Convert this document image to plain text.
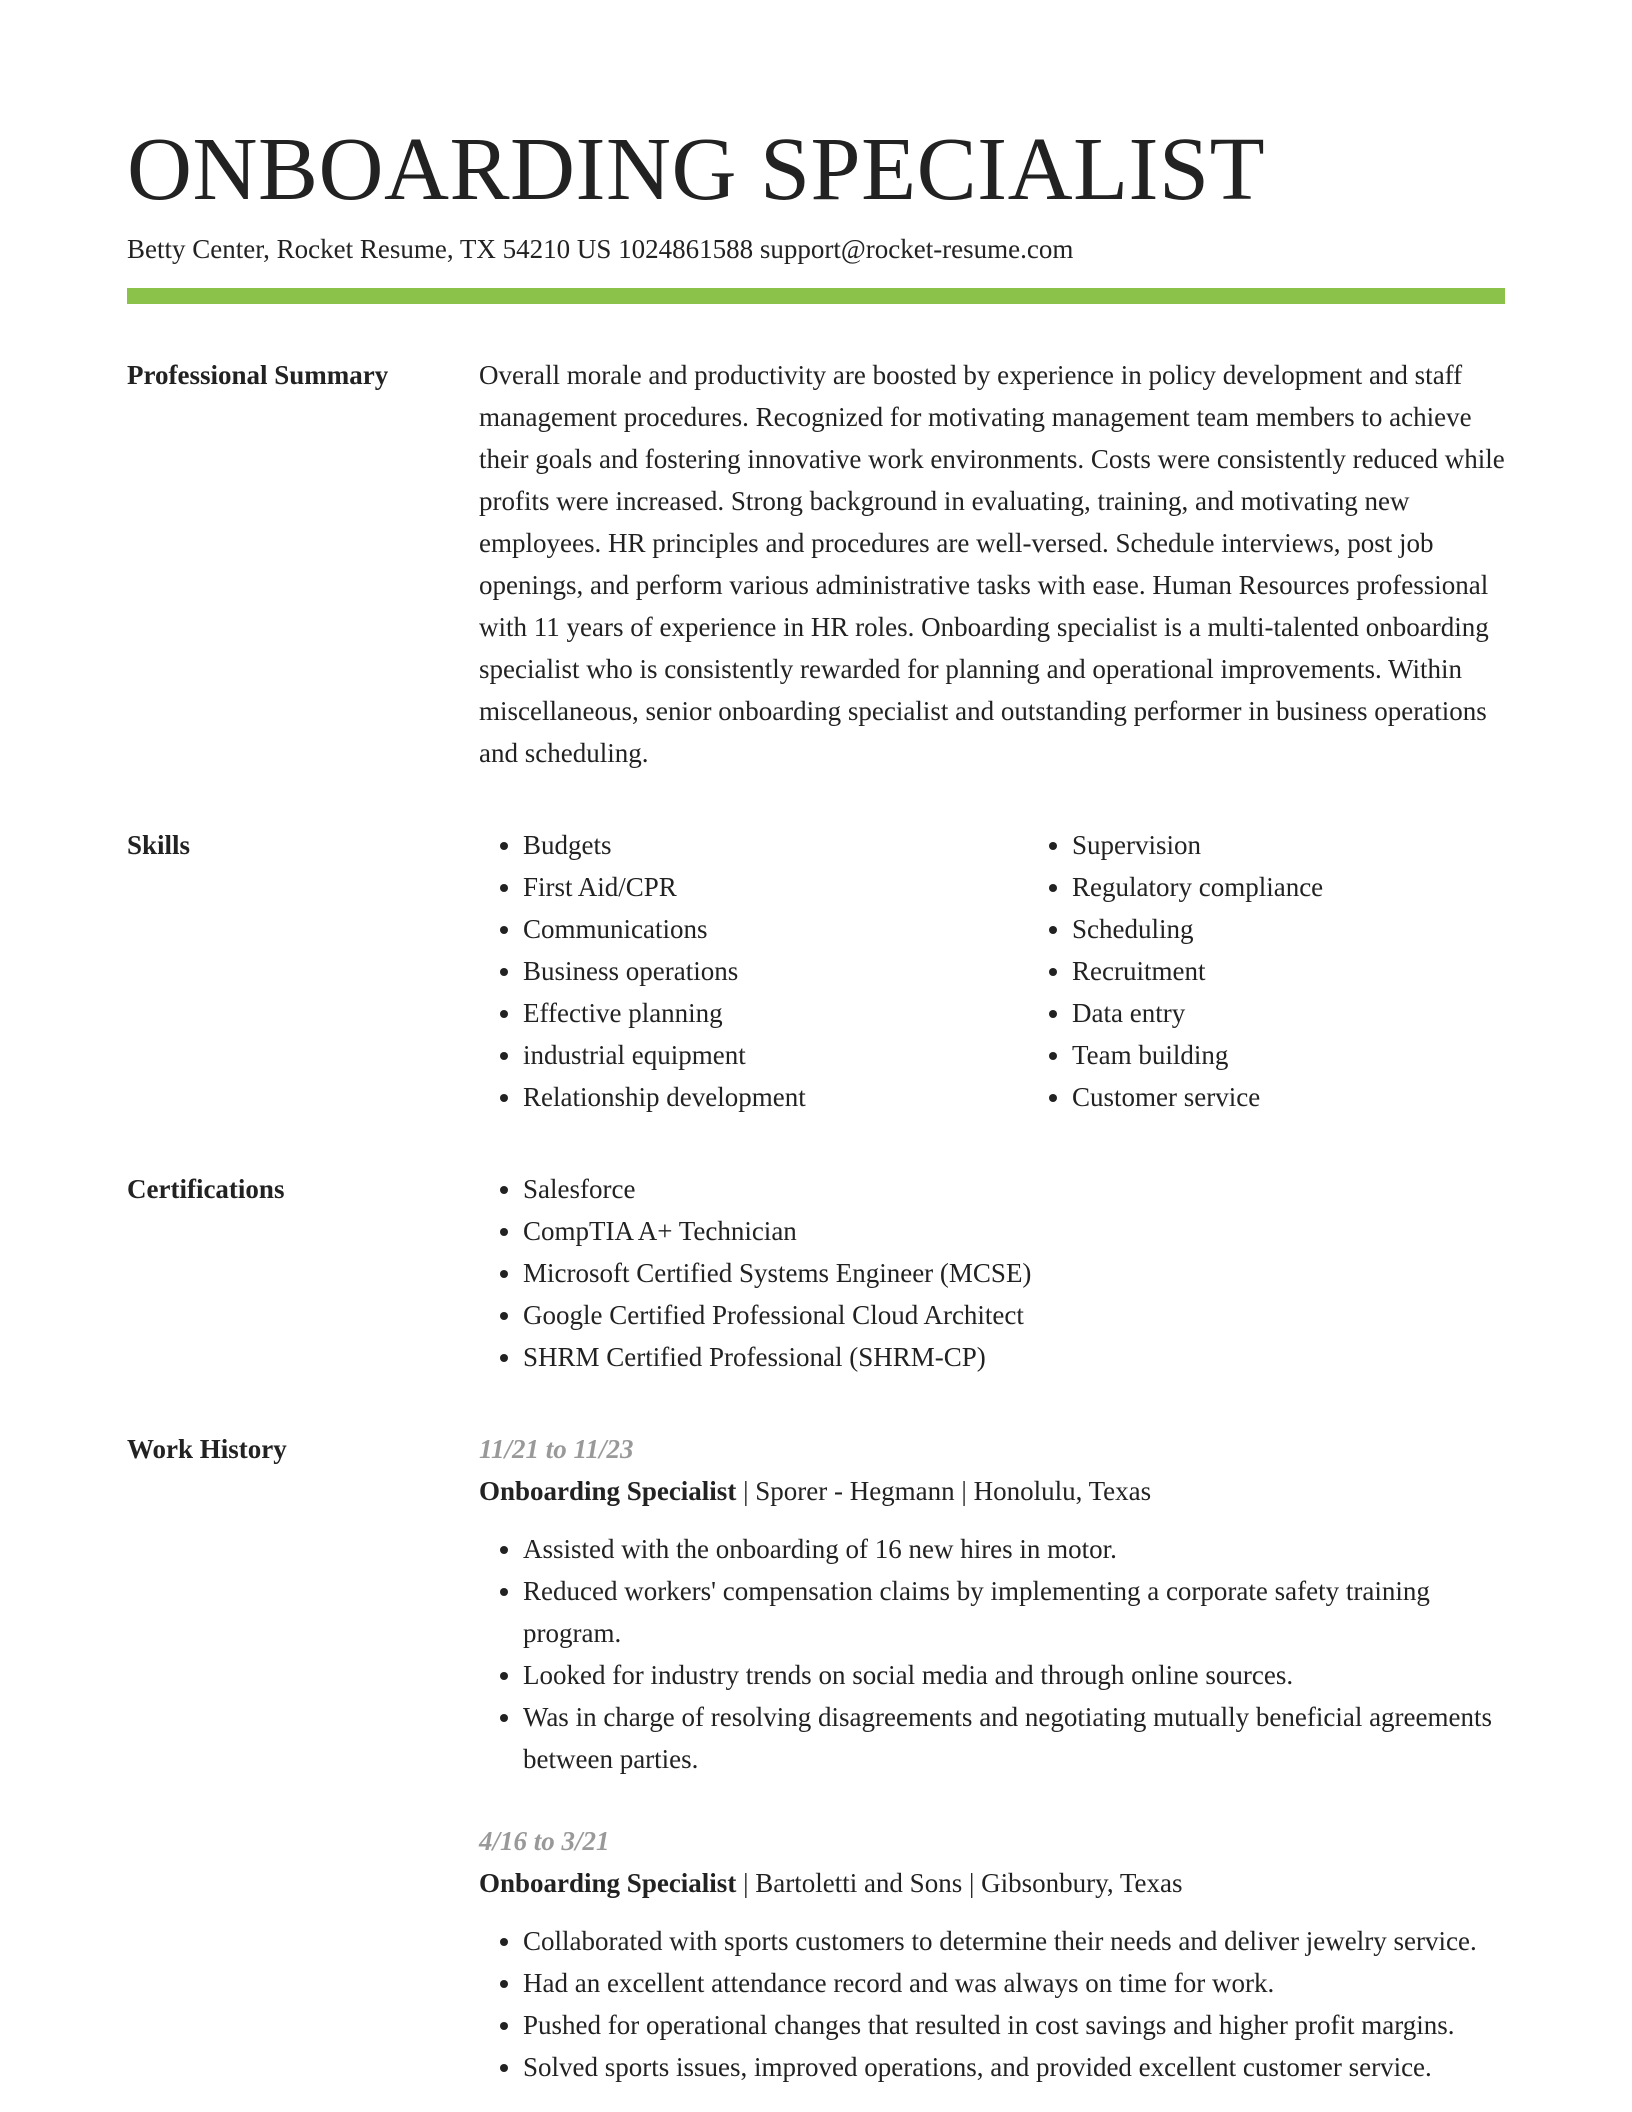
ONBOARDING SPECIALIST
Betty Center, Rocket Resume, TX 54210 US 1024861588 support@rocket-resume.com
Professional Summary	Overall morale and productivity are boosted by experience in policy development and staff management procedures. Recognized for motivating management team members to achieve their goals and fostering innovative work environments. Costs were consistently reduced while profits were increased. Strong background in evaluating, training, and motivating new employees. HR principles and procedures are well-versed. Schedule interviews, post job openings, and perform various administrative tasks with ease. Human Resources professional with 11 years of experience in HR roles. Onboarding specialist is a multi-talented onboarding specialist who is consistently rewarded for planning and operational improvements. Within miscellaneous, senior onboarding specialist and outstanding performer in business operations and scheduling.

Skills	• Budgets
• First Aid/CPR
• Communications
• Business operations
• Effective planning
• industrial equipment
• Relationship development
• Supervision
• Regulatory compliance
• Scheduling
• Recruitment
• Data entry
• Team building
• Customer service
Certifications	• Salesforce
• CompTIA A+ Technician
• Microsoft Certified Systems Engineer (MCSE)
• Google Certified Professional Cloud Architect
• SHRM Certified Professional (SHRM-CP)
Work History	11/21 to 11/23
Onboarding Specialist | Sporer - Hegmann | Honolulu, Texas
• Assisted with the onboarding of 16 new hires in motor.
• Reduced workers' compensation claims by implementing a corporate safety training program.
• Looked for industry trends on social media and through online sources.
• Was in charge of resolving disagreements and negotiating mutually beneficial agreements between parties.
4/16 to 3/21
Onboarding Specialist | Bartoletti and Sons | Gibsonbury, Texas
• Collaborated with sports customers to determine their needs and deliver jewelry service.
• Had an excellent attendance record and was always on time for work.
• Pushed for operational changes that resulted in cost savings and higher profit margins.
• Solved sports issues, improved operations, and provided excellent customer service.
